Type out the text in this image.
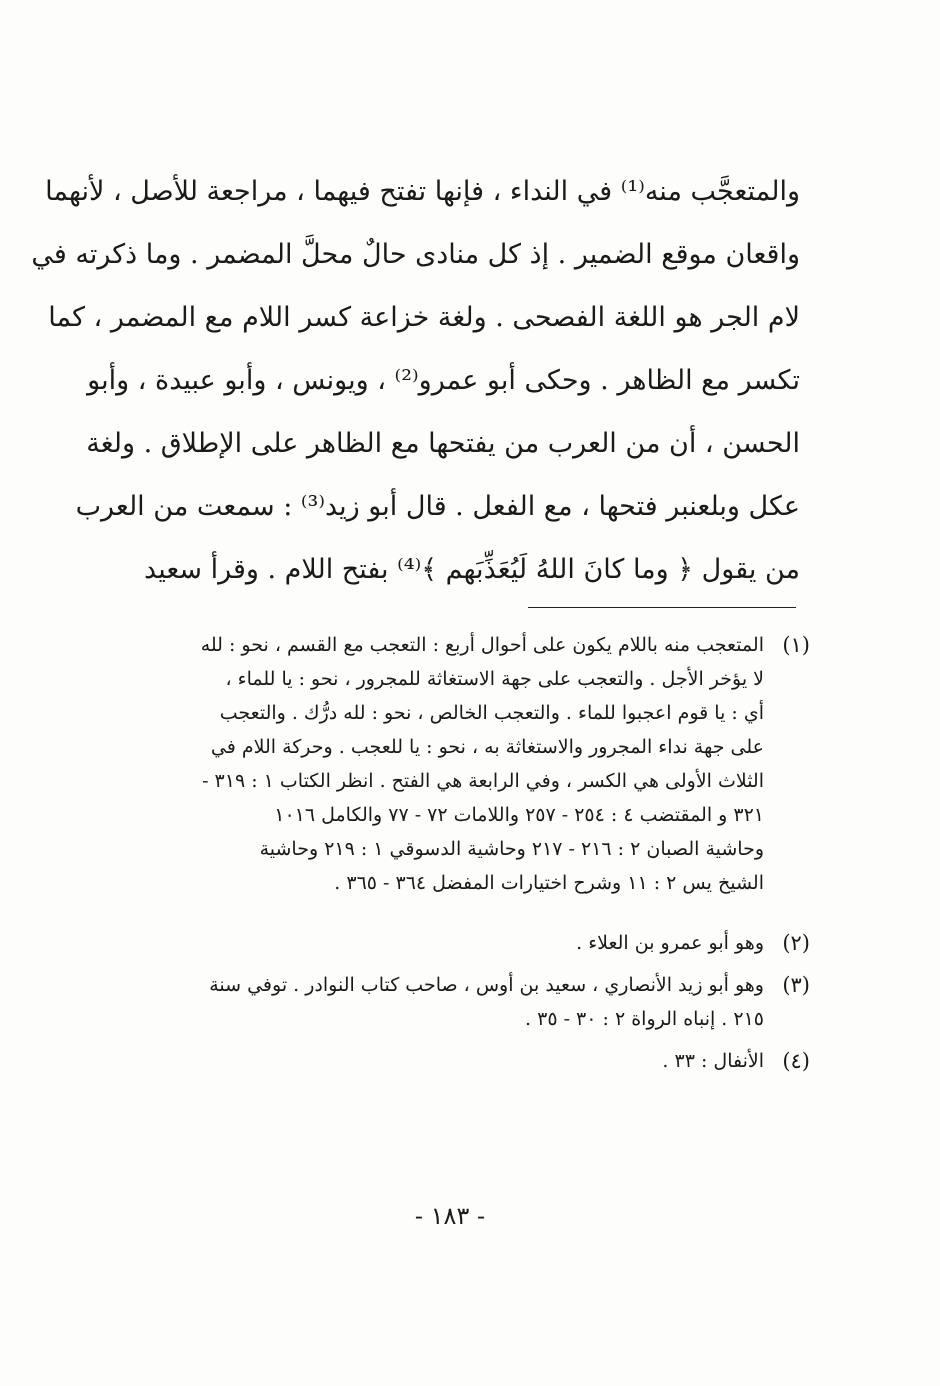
والمتعجَّب منه⁽¹⁾ في النداء ، فإنها تفتح فيهما ، مراجعة للأصل ، لأنهما
واقعان موقع الضمير . إذ كل منادى حالٌ محلَّ المضمر . وما ذكرته في
لام الجر هو اللغة الفصحى . ولغة خزاعة كسر اللام مع المضمر ، كما
تكسر مع الظاهر . وحكى أبو عمرو⁽²⁾ ، ويونس ، وأبو عبيدة ، وأبو
الحسن ، أن من العرب من يفتحها مع الظاهر على الإطلاق . ولغة
عكل وبلعنبر فتحها ، مع الفعل . قال أبو زيد⁽³⁾ : سمعت من العرب
من يقول ﴿ وما كانَ اللهُ لَيُعَذِّبَهم ﴾⁽⁴⁾ بفتح اللام . وقرأ سعيد
(١)
المتعجب منه باللام يكون على أحوال أربع : التعجب مع القسم ، نحو : لله
لا يؤخر الأجل . والتعجب على جهة الاستغاثة للمجرور ، نحو : يا للماء ،
أي : يا قوم اعجبوا للماء . والتعجب الخالص ، نحو : لله درُّك . والتعجب
على جهة نداء المجرور والاستغاثة به ، نحو : يا للعجب . وحركة اللام في
الثلاث الأولى هي الكسر ، وفي الرابعة هي الفتح . انظر الكتاب ١ : ٣١٩ -
٣٢١ و المقتضب ٤ : ٢٥٤ - ٢٥٧ واللامات ٧٢ - ٧٧ والكامل ١٠١٦
وحاشية الصبان ٢ : ٢١٦ - ٢١٧ وحاشية الدسوقي ١ : ٢١٩ وحاشية
الشيخ يس ٢ : ١١ وشرح اختيارات المفضل ٣٦٤ - ٣٦٥ .
(٢)
وهو أبو عمرو بن العلاء .
(٣)
وهو أبو زيد الأنصاري ، سعيد بن أوس ، صاحب كتاب النوادر . توفي سنة
٢١٥ . إنباه الرواة ٢ : ٣٠ - ٣٥ .
(٤)
الأنفال : ٣٣ .
- ١٨٣ -
